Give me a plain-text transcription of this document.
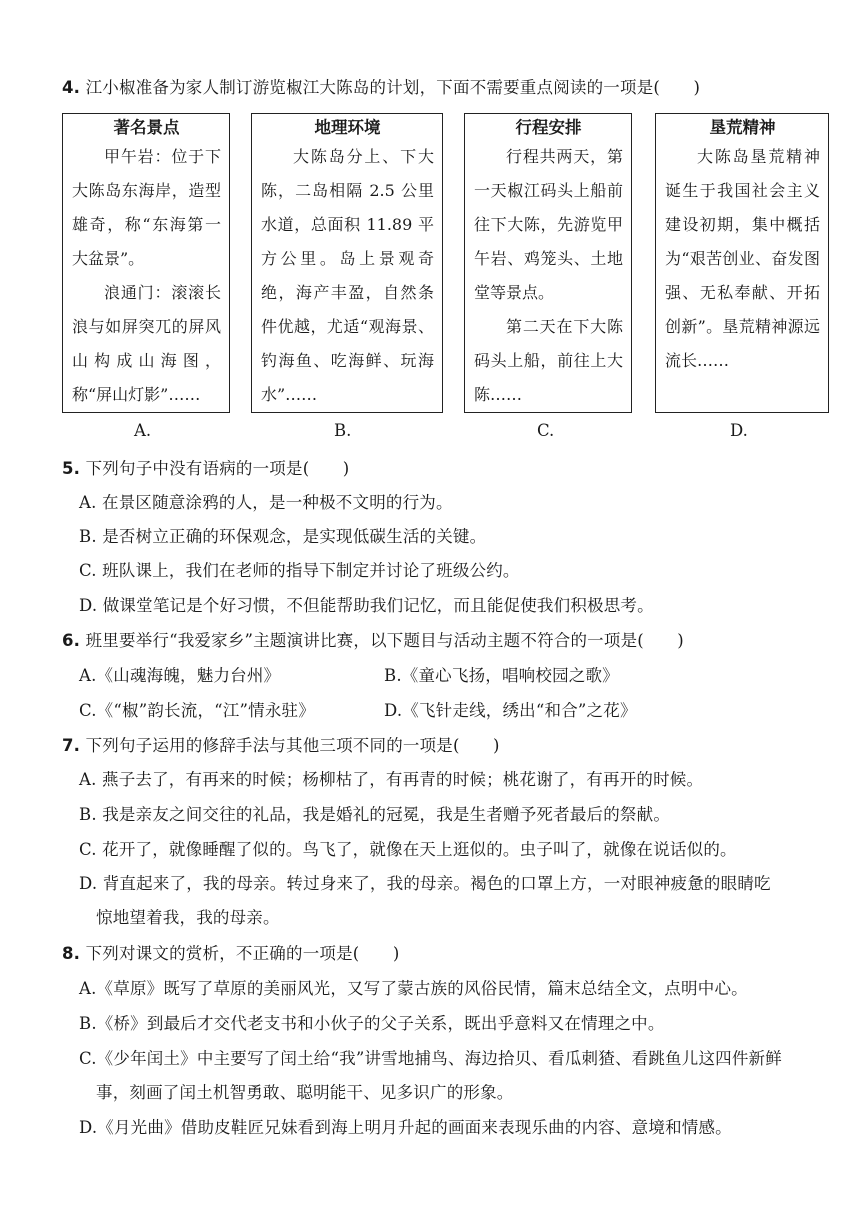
4. 江小椒准备为家人制订游览椒江大陈岛的计划，下面不需要重点阅读的一项是(　　)
著名景点

甲午岩：位于下大陈岛东海岸，造型雄奇，称“东海第一大盆景”。

浪通门：滚滚长浪与如屏突兀的屏风山构成山海图，称“屏山灯影”……

地理环境

大陈岛分上、下大陈，二岛相隔 2.5 公里水道，总面积 11.89 平方公里。岛上景观奇绝，海产丰盈，自然条件优越，尤适“观海景、钓海鱼、吃海鲜、玩海水”……

行程安排

行程共两天，第一天椒江码头上船前往下大陈，先游览甲午岩、鸡笼头、土地堂等景点。

第二天在下大陈码头上船，前往上大陈……

垦荒精神

大陈岛垦荒精神诞生于我国社会主义建设初期，集中概括为“艰苦创业、奋发图强、无私奉献、开拓创新”。垦荒精神源远流长……

A.	B.	C.	D.
5. 下列句子中没有语病的一项是(　　)
A. 在景区随意涂鸦的人，是一种极不文明的行为。
B. 是否树立正确的环保观念，是实现低碳生活的关键。
C. 班队课上，我们在老师的指导下制定并讨论了班级公约。
D. 做课堂笔记是个好习惯，不但能帮助我们记忆，而且能促使我们积极思考。
6. 班里要举行“我爱家乡”主题演讲比赛，以下题目与活动主题不符合的一项是(　　)
A.《山魂海魄，魅力台州》	B.《童心飞扬，唱响校园之歌》
C.《“椒”韵长流，“江”情永驻》	D.《飞针走线，绣出“和合”之花》
7. 下列句子运用的修辞手法与其他三项不同的一项是(　　)
A. 燕子去了，有再来的时候；杨柳枯了，有再青的时候；桃花谢了，有再开的时候。
B. 我是亲友之间交往的礼品，我是婚礼的冠冕，我是生者赠予死者最后的祭献。
C. 花开了，就像睡醒了似的。鸟飞了，就像在天上逛似的。虫子叫了，就像在说话似的。
D. 背直起来了，我的母亲。转过身来了，我的母亲。褐色的口罩上方，一对眼神疲惫的眼睛吃
惊地望着我，我的母亲。
8. 下列对课文的赏析，不正确的一项是(　　)
A.《草原》既写了草原的美丽风光，又写了蒙古族的风俗民情，篇末总结全文，点明中心。
B.《桥》到最后才交代老支书和小伙子的父子关系，既出乎意料又在情理之中。
C.《少年闰土》中主要写了闰土给“我”讲雪地捕鸟、海边拾贝、看瓜刺猹、看跳鱼儿这四件新鲜
事，刻画了闰土机智勇敢、聪明能干、见多识广的形象。
D.《月光曲》借助皮鞋匠兄妹看到海上明月升起的画面来表现乐曲的内容、意境和情感。
